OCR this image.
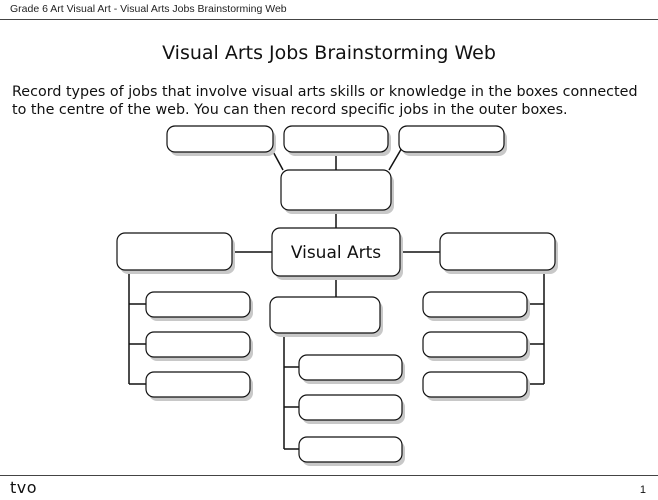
Grade 6 Art Visual Art - Visual Arts Jobs Brainstorming Web
Visual Arts Jobs Brainstorming Web
Record types of jobs that involve visual arts skills or knowledge in the boxes connected to the centre of the web. You can then record specific jobs in the outer boxes.
Visual Arts
tvo	1
